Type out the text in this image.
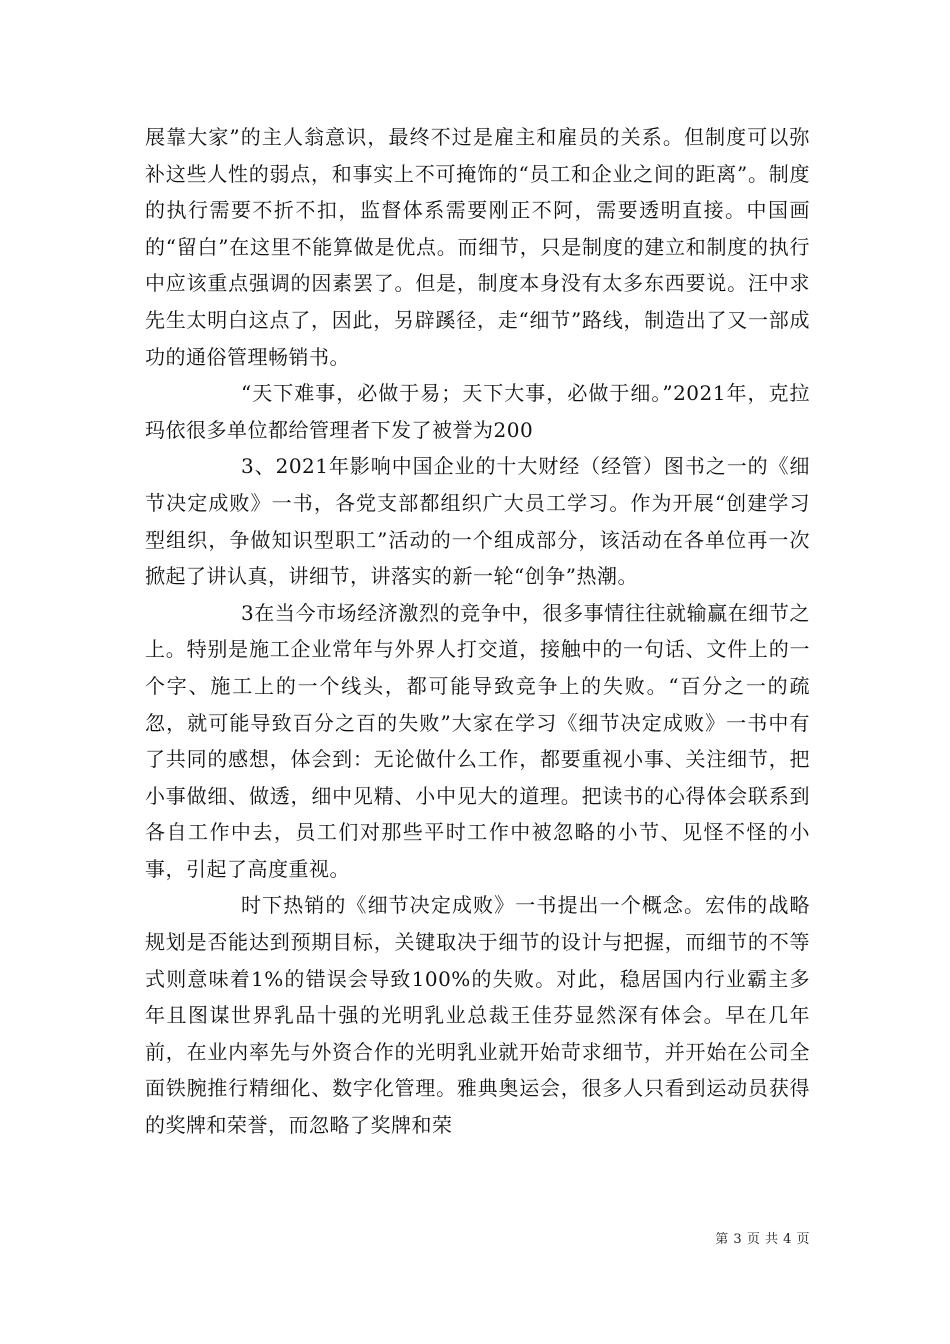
展靠大家”的主人翁意识，最终不过是雇主和雇员的关系。但制度可以弥补这些人性的弱点，和事实上不可掩饰的“员工和企业之间的距离”。制度的执行需要不折不扣，监督体系需要刚正不阿，需要透明直接。中国画的“留白”在这里不能算做是优点。而细节，只是制度的建立和制度的执行中应该重点强调的因素罢了。但是，制度本身没有太多东西要说。汪中求先生太明白这点了，因此，另辟蹊径，走“细节”路线，制造出了又一部成功的通俗管理畅销书。

“天下难事，必做于易；天下大事，必做于细。”2021年，克拉玛依很多单位都给管理者下发了被誉为200

3、2021年影响中国企业的十大财经（经管）图书之一的《细节决定成败》一书，各党支部都组织广大员工学习。作为开展“创建学习型组织，争做知识型职工”活动的一个组成部分，该活动在各单位再一次掀起了讲认真，讲细节，讲落实的新一轮“创争”热潮。

3在当今市场经济激烈的竞争中，很多事情往往就输赢在细节之上。特别是施工企业常年与外界人打交道，接触中的一句话、文件上的一个字、施工上的一个线头，都可能导致竞争上的失败。“百分之一的疏忽，就可能导致百分之百的失败”大家在学习《细节决定成败》一书中有了共同的感想，体会到：无论做什么工作，都要重视小事、关注细节，把小事做细、做透，细中见精、小中见大的道理。把读书的心得体会联系到各自工作中去，员工们对那些平时工作中被忽略的小节、见怪不怪的小事，引起了高度重视。

时下热销的《细节决定成败》一书提出一个概念。宏伟的战略规划是否能达到预期目标，关键取决于细节的设计与把握，而细节的不等式则意味着1%的错误会导致100%的失败。对此，稳居国内行业霸主多年且图谋世界乳品十强的光明乳业总裁王佳芬显然深有体会。早在几年前，在业内率先与外资合作的光明乳业就开始苛求细节，并开始在公司全面铁腕推行精细化、数字化管理。雅典奥运会，很多人只看到运动员获得的奖牌和荣誉，而忽略了奖牌和荣

第 3 页 共 4 页
